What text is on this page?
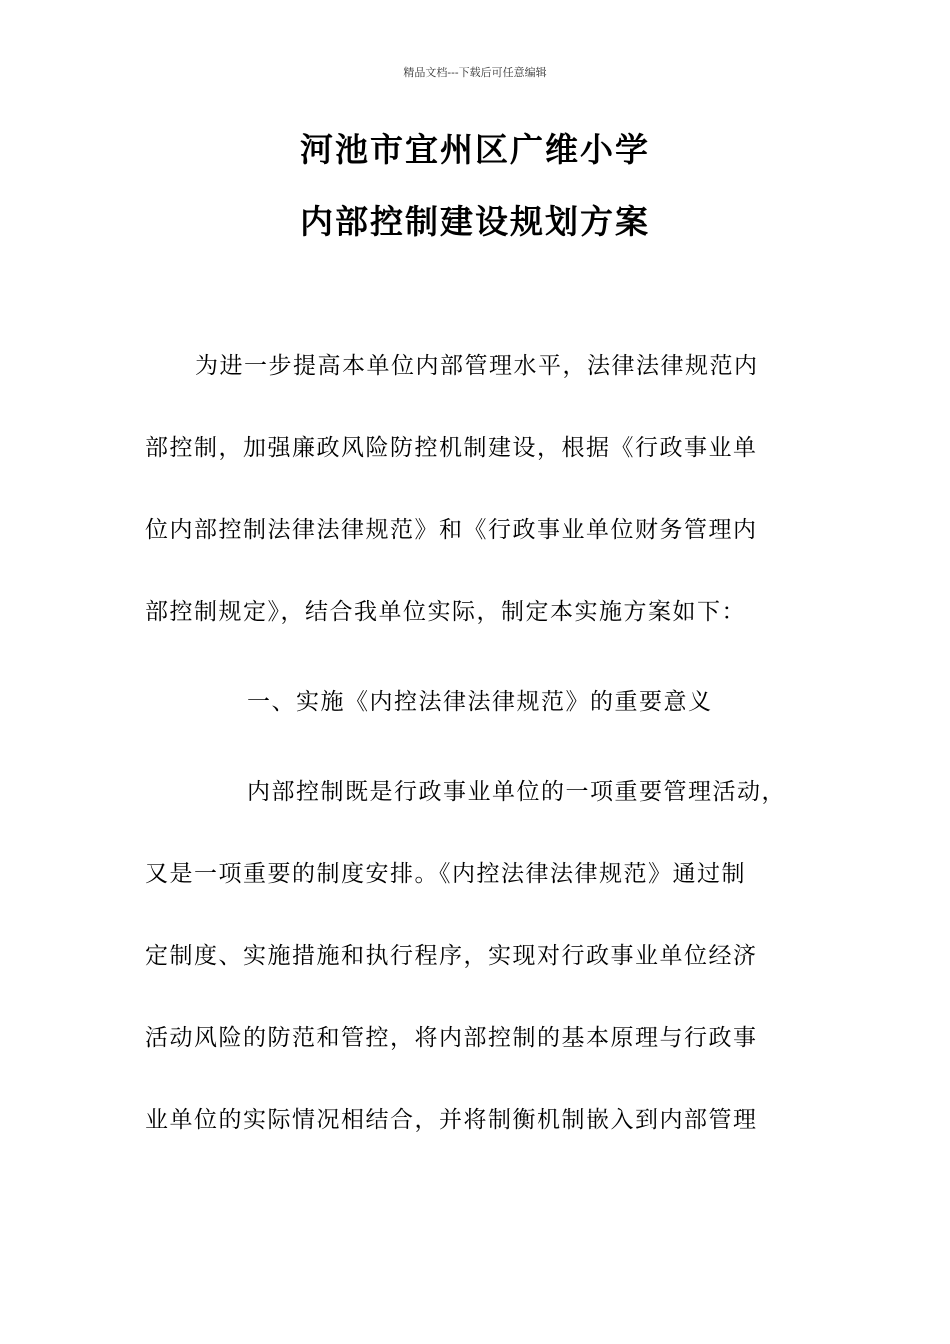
精品文档---下载后可任意编辑
河池市宜州区广维小学
内部控制建设规划方案
为进一步提高本单位内部管理水平，法律法律规范内
部控制，加强廉政风险防控机制建设，根据《行政事业单
位内部控制法律法律规范》和《行政事业单位财务管理内
部控制规定》，结合我单位实际，制定本实施方案如下：
一、实施《内控法律法律规范》的重要意义
内部控制既是行政事业单位的一项重要管理活动，
又是一项重要的制度安排。《内控法律法律规范》通过制
定制度、实施措施和执行程序，实现对行政事业单位经济
活动风险的防范和管控，将内部控制的基本原理与行政事
业单位的实际情况相结合，并将制衡机制嵌入到内部管理
